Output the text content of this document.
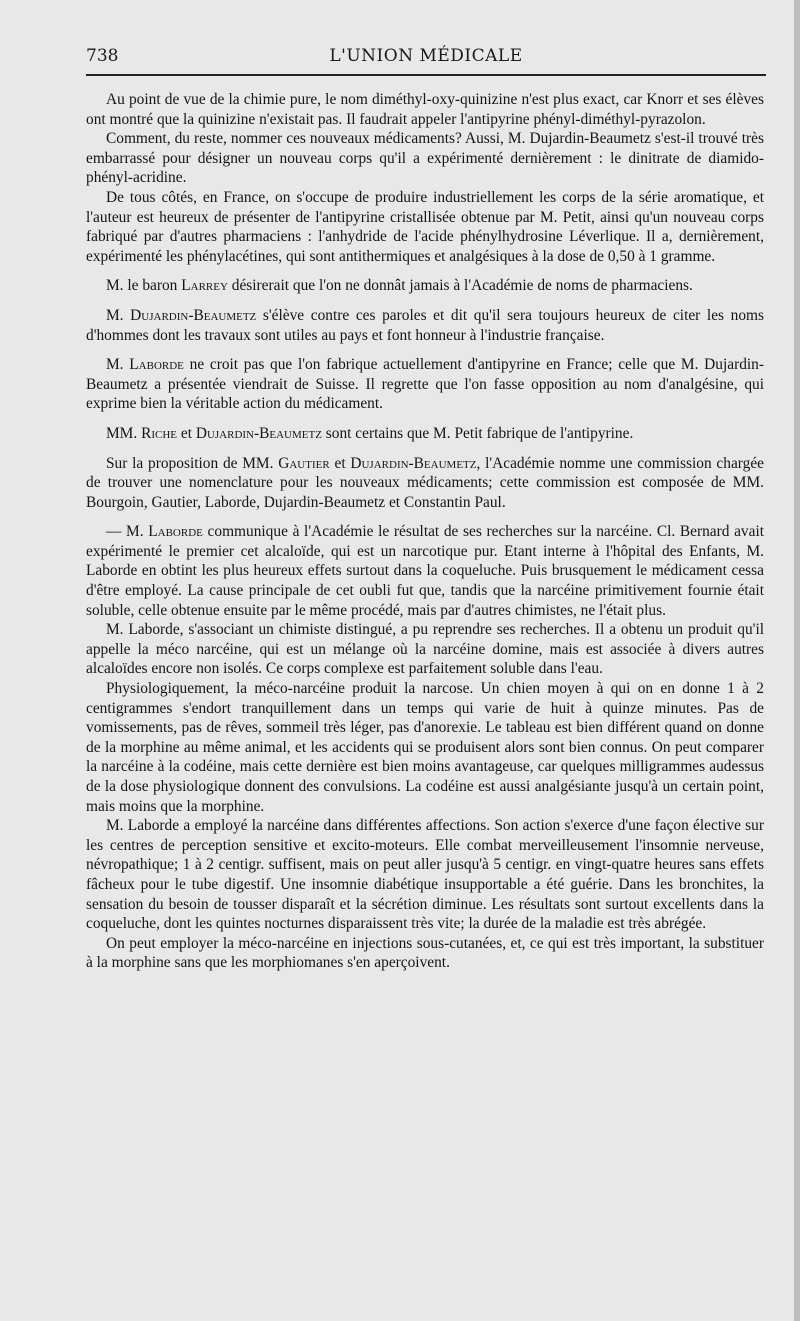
738	L'UNION MÉDICALE

Au point de vue de la chimie pure, le nom diméthyl-oxy-quinizine n'est plus exact, car Knorr et ses élèves ont montré que la quinizine n'existait pas. Il faudrait appeler l'antipyrine phényl-diméthyl-pyrazolon.

Comment, du reste, nommer ces nouveaux médicaments? Aussi, M. Dujardin-Beaumetz s'est-il trouvé très embarrassé pour désigner un nouveau corps qu'il a expérimenté dernièrement : le dinitrate de diamido-phényl-acridine.

De tous côtés, en France, on s'occupe de produire industriellement les corps de la série aromatique, et l'auteur est heureux de présenter de l'antipyrine cristallisée obtenue par M. Petit, ainsi qu'un nouveau corps fabriqué par d'autres pharmaciens : l'anhydride de l'acide phénylhydrosine Léverlique. Il a, dernièrement, expérimenté les phénylacétines, qui sont antithermiques et analgésiques à la dose de 0,50 à 1 gramme.

M. le baron Larrey désirerait que l'on ne donnât jamais à l'Académie de noms de pharmaciens.

M. Dujardin-Beaumetz s'élève contre ces paroles et dit qu'il sera toujours heureux de citer les noms d'hommes dont les travaux sont utiles au pays et font honneur à l'industrie française.

M. Laborde ne croit pas que l'on fabrique actuellement d'antipyrine en France; celle que M. Dujardin-Beaumetz a présentée viendrait de Suisse. Il regrette que l'on fasse opposition au nom d'analgésine, qui exprime bien la véritable action du médicament.

MM. Riche et Dujardin-Beaumetz sont certains que M. Petit fabrique de l'antipyrine.

Sur la proposition de MM. Gautier et Dujardin-Beaumetz, l'Académie nomme une commission chargée de trouver une nomenclature pour les nouveaux médicaments; cette commission est composée de MM. Bourgoin, Gautier, Laborde, Dujardin-Beaumetz et Constantin Paul.

— M. Laborde communique à l'Académie le résultat de ses recherches sur la narcéine. Cl. Bernard avait expérimenté le premier cet alcaloïde, qui est un narcotique pur. Etant interne à l'hôpital des Enfants, M. Laborde en obtint les plus heureux effets surtout dans la coqueluche. Puis brusquement le médicament cessa d'être employé. La cause principale de cet oubli fut que, tandis que la narcéine primitivement fournie était soluble, celle obtenue ensuite par le même procédé, mais par d'autres chimistes, ne l'était plus.

M. Laborde, s'associant un chimiste distingué, a pu reprendre ses recherches. Il a obtenu un produit qu'il appelle la méco narcéine, qui est un mélange où la narcéine domine, mais est associée à divers autres alcaloïdes encore non isolés. Ce corps complexe est parfaitement soluble dans l'eau.

Physiologiquement, la méco-narcéine produit la narcose. Un chien moyen à qui on en donne 1 à 2 centigrammes s'endort tranquillement dans un temps qui varie de huit à quinze minutes. Pas de vomissements, pas de rêves, sommeil très léger, pas d'anorexie. Le tableau est bien différent quand on donne de la morphine au même animal, et les accidents qui se produisent alors sont bien connus. On peut comparer la narcéine à la codéine, mais cette dernière est bien moins avantageuse, car quelques milligrammes audessus de la dose physiologique donnent des convulsions. La codéine est aussi analgésiante jusqu'à un certain point, mais moins que la morphine.

M. Laborde a employé la narcéine dans différentes affections. Son action s'exerce d'une façon élective sur les centres de perception sensitive et excito-moteurs. Elle combat merveilleusement l'insomnie nerveuse, névropathique; 1 à 2 centigr. suffisent, mais on peut aller jusqu'à 5 centigr. en vingt-quatre heures sans effets fâcheux pour le tube digestif. Une insomnie diabétique insupportable a été guérie. Dans les bronchites, la sensation du besoin de tousser disparaît et la sécrétion diminue. Les résultats sont surtout excellents dans la coqueluche, dont les quintes nocturnes disparaissent très vite; la durée de la maladie est très abrégée.

On peut employer la méco-narcéine en injections sous-cutanées, et, ce qui est très important, la substituer à la morphine sans que les morphiomanes s'en aperçoivent.
